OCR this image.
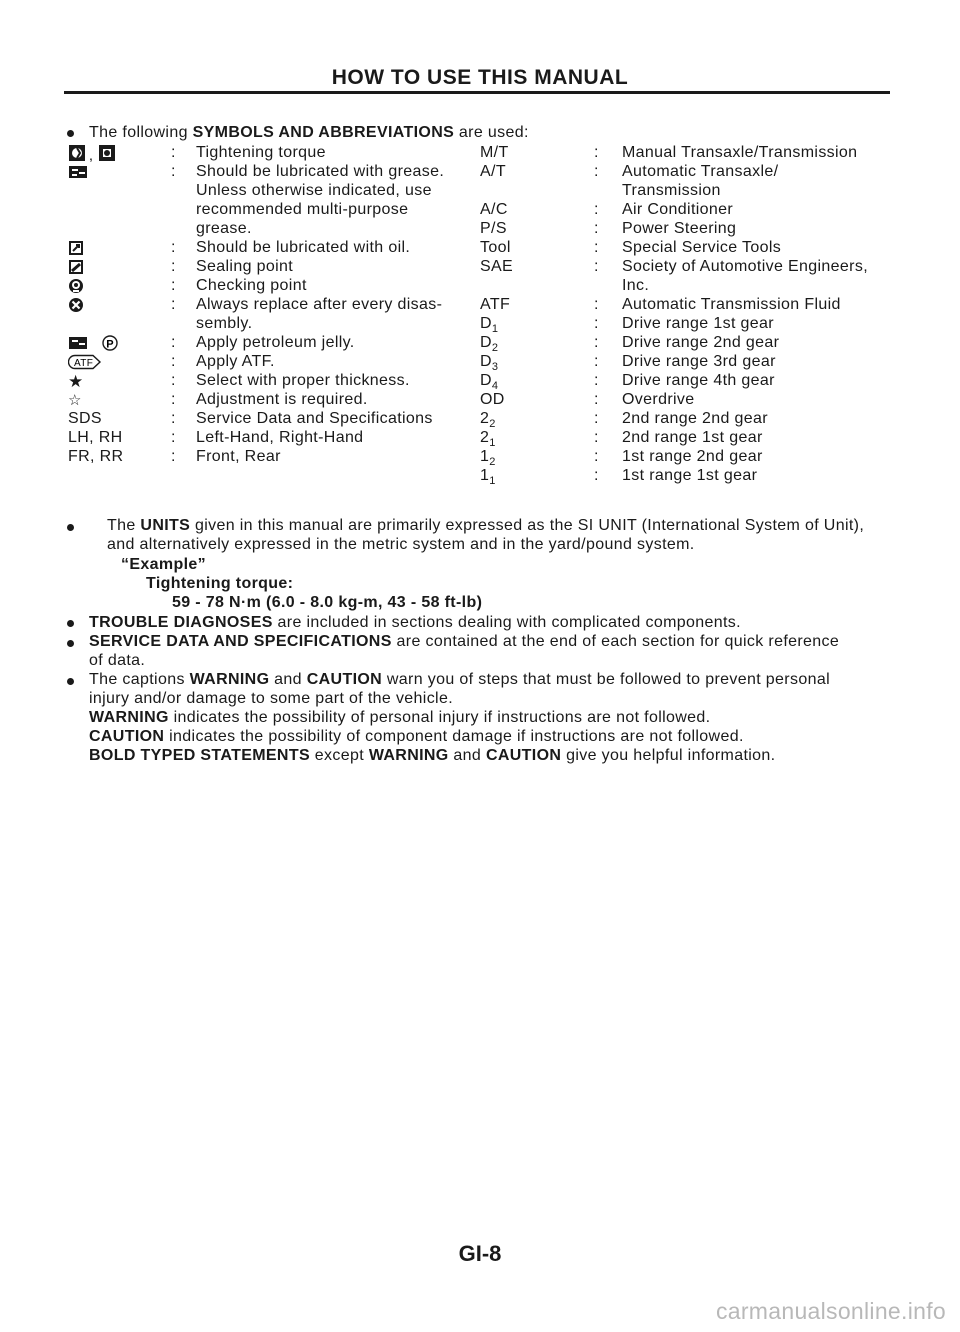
HOW TO USE THIS MANUAL
The following SYMBOLS AND ABBREVIATIONS are used:
,	: Tightening torque
: Should be lubricated with grease.
Unless otherwise indicated, use
recommended multi-purpose
grease.
: Should be lubricated with oil.
: Sealing point
: Checking point
: Always replace after every disas-
sembly.
P	: Apply petroleum jelly.
ATF	: Apply ATF.
★	: Select with proper thickness.
☆	: Adjustment is required.
SDS	: Service Data and Specifications
LH, RH	: Left-Hand, Right-Hand
FR, RR	: Front, Rear
M/T	: Manual Transaxle/Transmission
A/T	: Automatic Transaxle/
Transmission
A/C	: Air Conditioner
P/S	: Power Steering
Tool	: Special Service Tools
SAE	: Society of Automotive Engineers,
Inc.
ATF	: Automatic Transmission Fluid
$D_1$	: Drive range 1st gear
$D_2$	: Drive range 2nd gear
$D_3$	: Drive range 3rd gear
$D_4$	: Drive range 4th gear
OD	: Overdrive
$2_2$	: 2nd range 2nd gear
$2_1$	: 2nd range 1st gear
$1_2$	: 1st range 2nd gear
$1_1$	: 1st range 1st gear
The UNITS given in this manual are primarily expressed as the SI UNIT (International System of Unit),
and alternatively expressed in the metric system and in the yard/pound system.
“Example”
Tightening torque:
59 - 78 N·m (6.0 - 8.0 kg-m, 43 - 58 ft-lb)
TROUBLE DIAGNOSES are included in sections dealing with complicated components.
SERVICE DATA AND SPECIFICATIONS are contained at the end of each section for quick reference
of data.
The captions WARNING and CAUTION warn you of steps that must be followed to prevent personal
injury and/or damage to some part of the vehicle.
WARNING indicates the possibility of personal injury if instructions are not followed.
CAUTION indicates the possibility of component damage if instructions are not followed.
BOLD TYPED STATEMENTS except WARNING and CAUTION give you helpful information.
GI-8
carmanualsonline.info
